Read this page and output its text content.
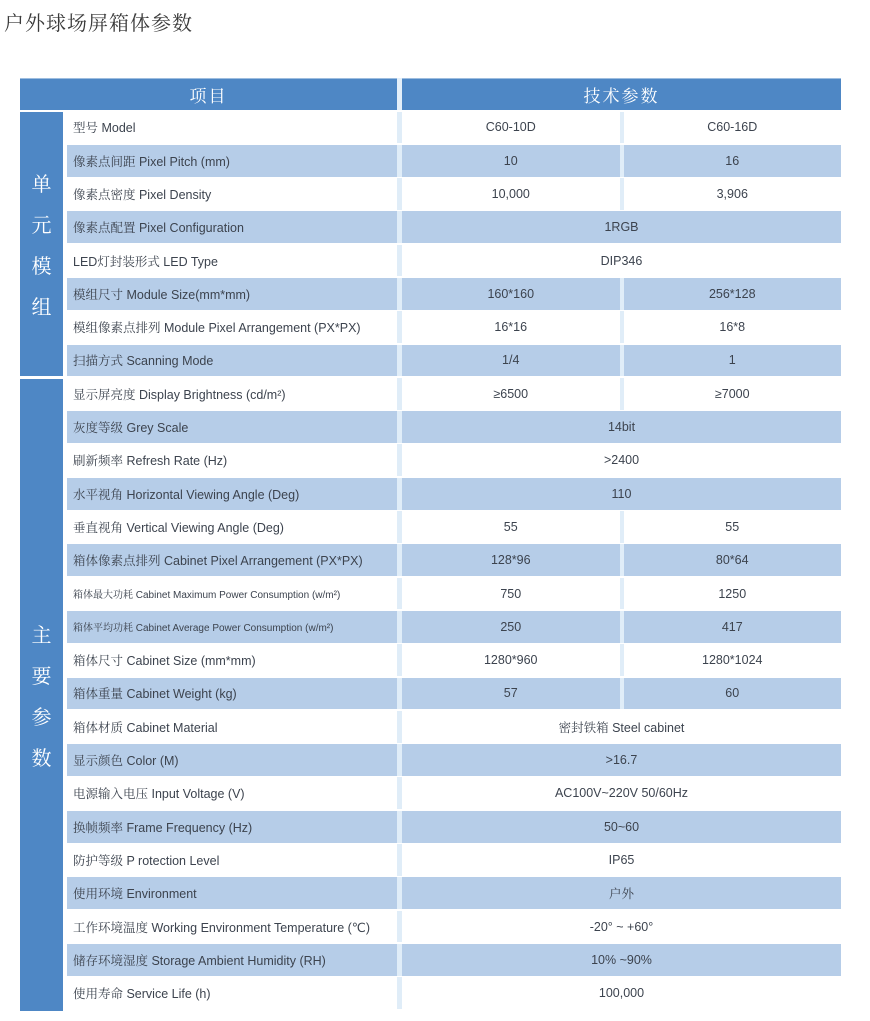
户外球场屏箱体参数
项目	技术参数
单
元
模
组
主
要
参
数
型号 Model	C60-10D	C60-16D
像素点间距 Pixel Pitch (mm)	10	16
像素点密度 Pixel Density	10,000	3,906
像素点配置 Pixel Configuration	1RGB
LED灯封装形式 LED Type	DIP346
模组尺寸 Module Size(mm*mm)	160*160	256*128
模组像素点排列 Module Pixel Arrangement (PX*PX)	16*16	16*8
扫描方式 Scanning Mode	1/4	1
显示屏亮度 Display Brightness (cd/m²)	≥6500	≥7000
灰度等级 Grey Scale	14bit
刷新频率 Refresh Rate (Hz)	>2400
水平视角 Horizontal Viewing Angle (Deg)	110
垂直视角 Vertical Viewing Angle (Deg)	55	55
箱体像素点排列 Cabinet Pixel Arrangement (PX*PX)	128*96	80*64
箱体最大功耗 Cabinet Maximum Power Consumption (w/m²)	750	1250
箱体平均功耗 Cabinet Average Power Consumption (w/m²)	250	417
箱体尺寸 Cabinet Size (mm*mm)	1280*960	1280*1024
箱体重量 Cabinet Weight (kg)	57	60
箱体材质 Cabinet Material	密封铁箱 Steel cabinet
显示颜色 Color (M)	>16.7
电源输入电压 Input Voltage (V)	AC100V~220V 50/60Hz
换帧频率 Frame Frequency (Hz)	50~60
防护等级 P rotection Level	IP65
使用环境 Environment	户外
工作环境温度 Working Environment Temperature (℃)	-20° ~ +60°
储存环境湿度 Storage Ambient Humidity (RH)	10% ~90%
使用寿命 Service Life (h)	100,000
